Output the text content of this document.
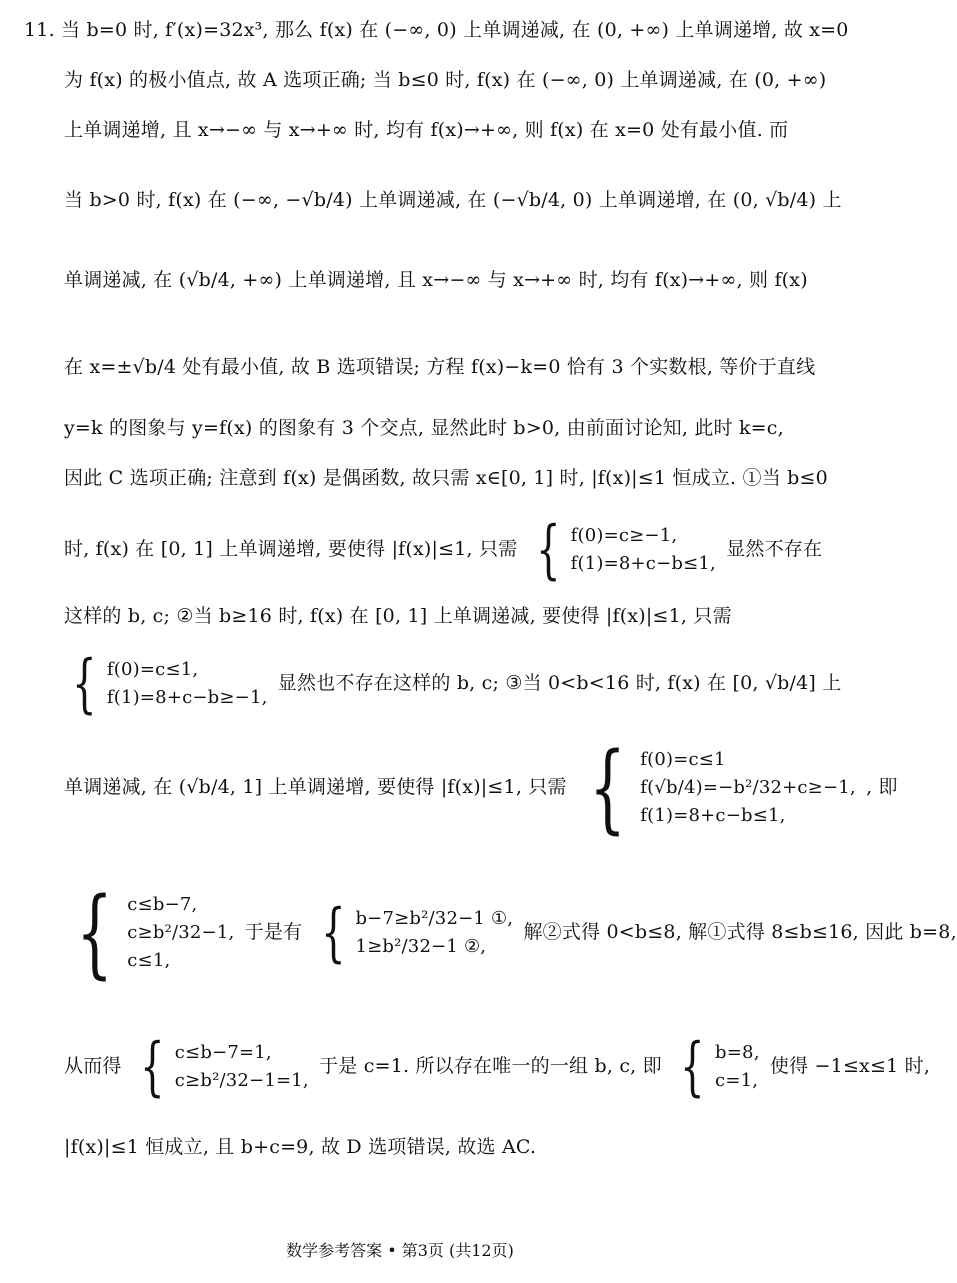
11. 当 b=0 时, f′(x)=32x³, 那么 f(x) 在 (−∞, 0) 上单调递减, 在 (0, +∞) 上单调递增, 故 x=0
为 f(x) 的极小值点, 故 A 选项正确; 当 b≤0 时, f(x) 在 (−∞, 0) 上单调递减, 在 (0, +∞)
上单调递增, 且 x→−∞ 与 x→+∞ 时, 均有 f(x)→+∞, 则 f(x) 在 x=0 处有最小值. 而
当 b>0 时, f(x) 在 (−∞, −√b/4) 上单调递减, 在 (−√b/4, 0) 上单调递增, 在 (0, √b/4) 上
单调递减, 在 (√b/4, +∞) 上单调递增, 且 x→−∞ 与 x→+∞ 时, 均有 f(x)→+∞, 则 f(x)
在 x=±√b/4 处有最小值, 故 B 选项错误; 方程 f(x)−k=0 恰有 3 个实数根, 等价于直线
y=k 的图象与 y=f(x) 的图象有 3 个交点, 显然此时 b>0, 由前面讨论知, 此时 k=c,
因此 C 选项正确; 注意到 f(x) 是偶函数, 故只需 x∈[0, 1] 时, |f(x)|≤1 恒成立. ①当 b≤0
时, f(x) 在 [0, 1] 上单调递增, 要使得 |f(x)|≤1, 只需 { f(0)=c≥−1,
f(1)=8+c−b≤1,
显然不存在
这样的 b, c; ②当 b≥16 时, f(x) 在 [0, 1] 上单调递减, 要使得 |f(x)|≤1, 只需
{ f(0)=c≤1,
f(1)=8+c−b≥−1,
显然也不存在这样的 b, c; ③当 0<b<16 时, f(x) 在 [0, √b/4] 上
单调递减, 在 (√b/4, 1] 上单调递增, 要使得 |f(x)|≤1, 只需 { f(0)=c≤1
f(√b/4)=−b²/32+c≥−1,
f(1)=8+c−b≤1,
, 即
{ c≤b−7,
c≥b²/32−1,
c≤1,
于是有 { b−7≥b²/32−1 ①,
1≥b²/32−1 ②,
解②式得 0<b≤8, 解①式得 8≤b≤16, 因此 b=8,
从而得 { c≤b−7=1,
c≥b²/32−1=1,
于是 c=1. 所以存在唯一的一组 b, c, 即 { b=8,
c=1,
使得 −1≤x≤1 时,
|f(x)|≤1 恒成立, 且 b+c=9, 故 D 选项错误, 故选 AC.
数学参考答案 • 第3页 (共12页)
